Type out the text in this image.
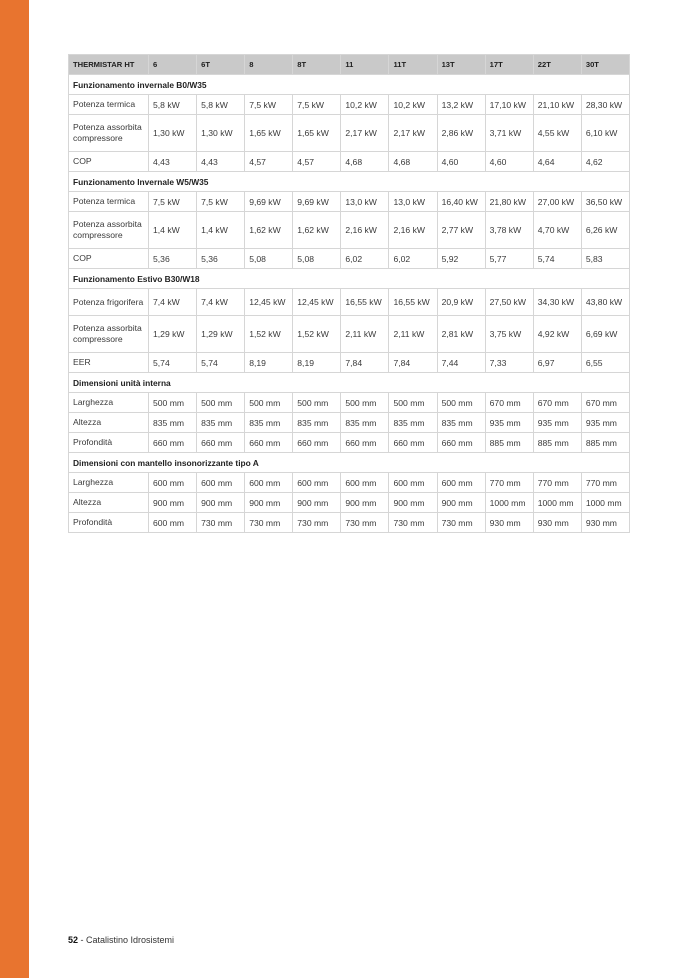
THERMISTAR HT	6	6T	8	8T	11	11T	13T	17T	22T	30T
Funzionamento invernale B0/W35										
Potenza termica	5,8 kW	5,8 kW	7,5 kW	7,5 kW	10,2 kW	10,2 kW	13,2 kW	17,10 kW	21,10 kW	28,30 kW
Potenza assorbita compressore	1,30 kW	1,30 kW	1,65 kW	1,65 kW	2,17 kW	2,17 kW	2,86 kW	3,71 kW	4,55 kW	6,10 kW
COP	4,43	4,43	4,57	4,57	4,68	4,68	4,60	4,60	4,64	4,62
Funzionamento Invernale W5/W35										
Potenza termica	7,5 kW	7,5 kW	9,69 kW	9,69 kW	13,0 kW	13,0 kW	16,40 kW	21,80 kW	27,00 kW	36,50 kW
Potenza assorbita compressore	1,4 kW	1,4 kW	1,62 kW	1,62 kW	2,16 kW	2,16 kW	2,77 kW	3,78 kW	4,70 kW	6,26 kW
COP	5,36	5,36	5,08	5,08	6,02	6,02	5,92	5,77	5,74	5,83
Funzionamento Estivo B30/W18										
Potenza frigorifera	7,4 kW	7,4 kW	12,45 kW	12,45 kW	16,55 kW	16,55 kW	20,9 kW	27,50 kW	34,30 kW	43,80 kW
Potenza assorbita compressore	1,29 kW	1,29 kW	1,52 kW	1,52 kW	2,11 kW	2,11 kW	2,81 kW	3,75 kW	4,92 kW	6,69 kW
EER	5,74	5,74	8,19	8,19	7,84	7,84	7,44	7,33	6,97	6,55
Dimensioni unità interna										
Larghezza	500 mm	500 mm	500 mm	500 mm	500 mm	500 mm	500 mm	670 mm	670 mm	670 mm
Altezza	835 mm	835 mm	835 mm	835 mm	835 mm	835 mm	835 mm	935 mm	935 mm	935 mm
Profondità	660 mm	660 mm	660 mm	660 mm	660 mm	660 mm	660 mm	885 mm	885 mm	885 mm
Dimensioni con mantello insonorizzante tipo A										
Larghezza	600 mm	600 mm	600 mm	600 mm	600 mm	600 mm	600 mm	770 mm	770 mm	770 mm
Altezza	900 mm	900 mm	900 mm	900 mm	900 mm	900 mm	900 mm	1000 mm	1000 mm	1000 mm
Profondità	600 mm	730 mm	730 mm	730 mm	730 mm	730 mm	730 mm	930 mm	930 mm	930 mm
52 - Catalistino Idrosistemi
